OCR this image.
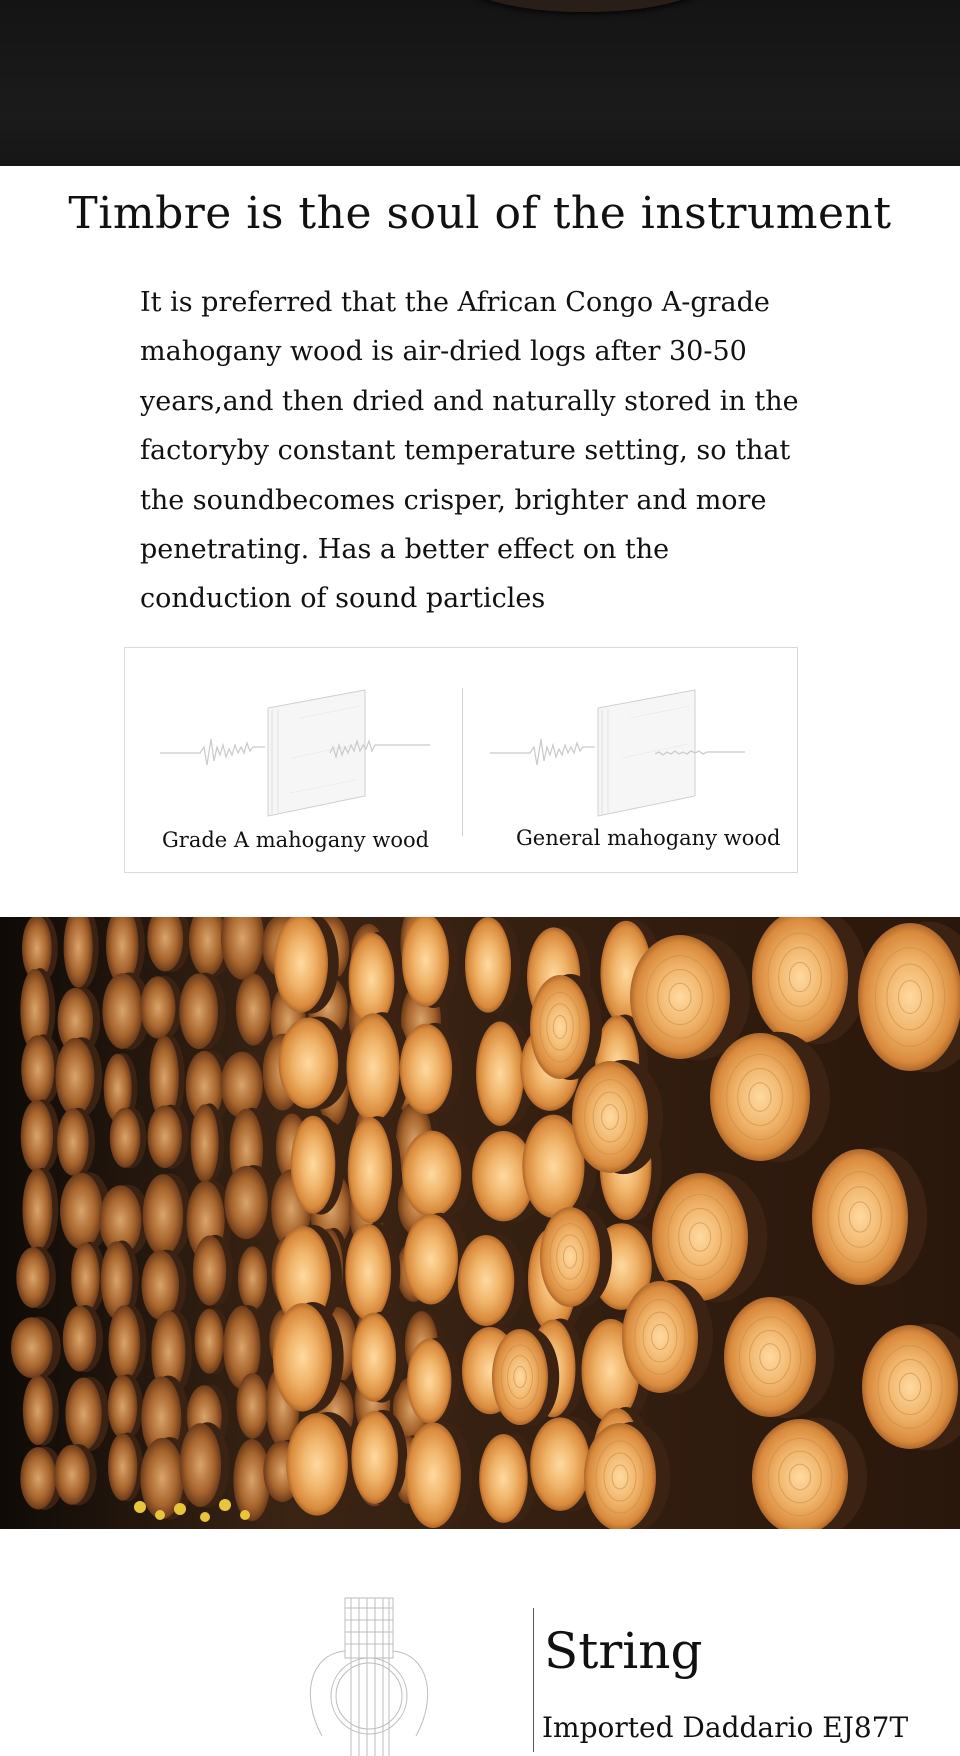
Timbre is the soul of the instrument

It is preferred that the African Congo A-grade
mahogany wood is air-dried logs after 30-50
years,and then dried and naturally stored in the
factoryby constant temperature setting, so that
the soundbecomes crisper, brighter and more
penetrating. Has a better effect on the
conduction of sound particles

Grade A mahogany wood	General mahogany wood
String
Imported Daddario EJ87T
